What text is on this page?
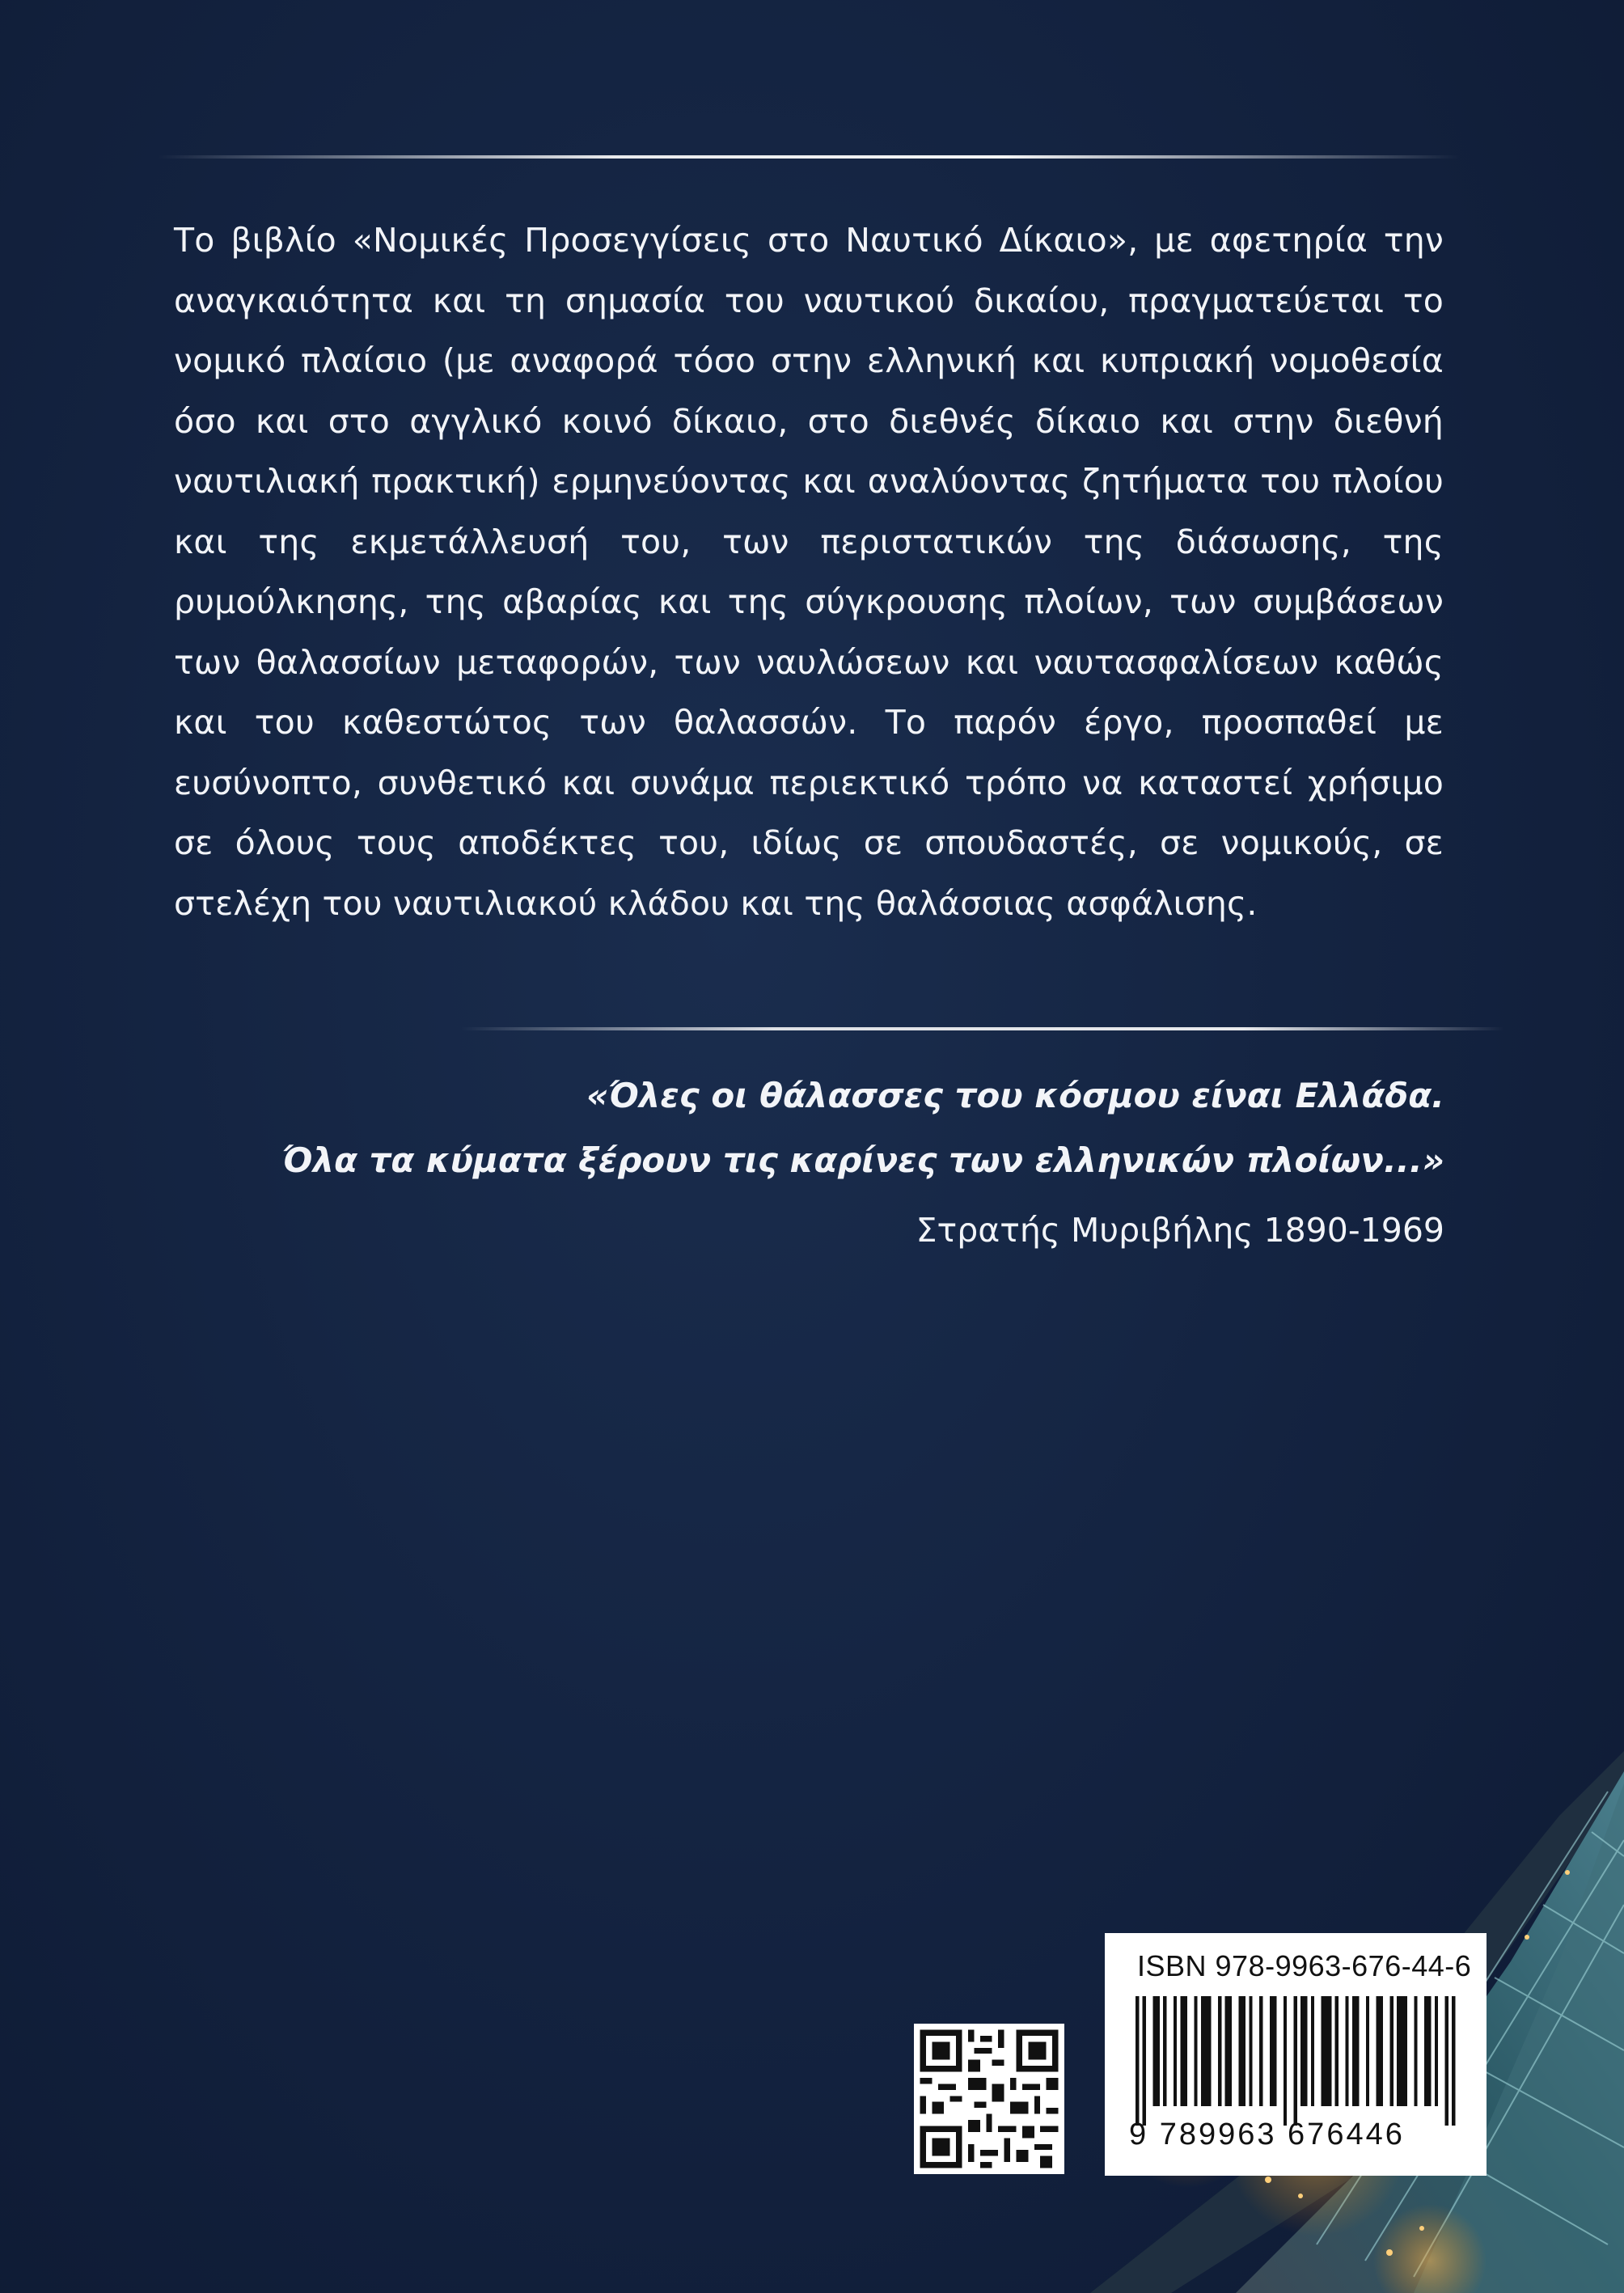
Το βιβλίο «Νομικές Προσεγγίσεις στο Ναυτικό Δίκαιο», με αφετηρία την αναγκαιότητα και τη σημασία του ναυτικού δικαίου, πραγματεύεται το νομικό πλαίσιο (με αναφορά τόσο στην ελληνική και κυπριακή νομοθεσία όσο και στο αγγλικό κοινό δίκαιο, στο διεθνές δίκαιο και στην διεθνή ναυτιλιακή πρακτική) ερμηνεύοντας και αναλύοντας ζητήματα του πλοίου και της εκμετάλλευσή του, των περιστατικών της διάσωσης, της ρυμούλκησης, της αβαρίας και της σύγκρουσης πλοίων, των συμβάσεων των θαλασσίων μεταφορών, των ναυλώσεων και ναυτασφαλίσεων καθώς και του καθεστώτος των θαλασσών. Το παρόν έργο, προσπαθεί με ευσύνοπτο, συνθετικό και συνάμα περιεκτικό τρόπο να καταστεί χρήσιμο σε όλους τους αποδέκτες του, ιδίως σε σπουδαστές, σε νομικούς, σε στελέχη του ναυτιλιακού κλάδου και της θαλάσσιας ασφάλισης.
«Όλες οι θάλασσες του κόσμου είναι Ελλάδα.
Όλα τα κύματα ξέρουν τις καρίνες των ελληνικών πλοίων...»
Στρατής Μυριβήλης 1890-1969
ISBN 978-9963-676-44-6
9 789963 676446
